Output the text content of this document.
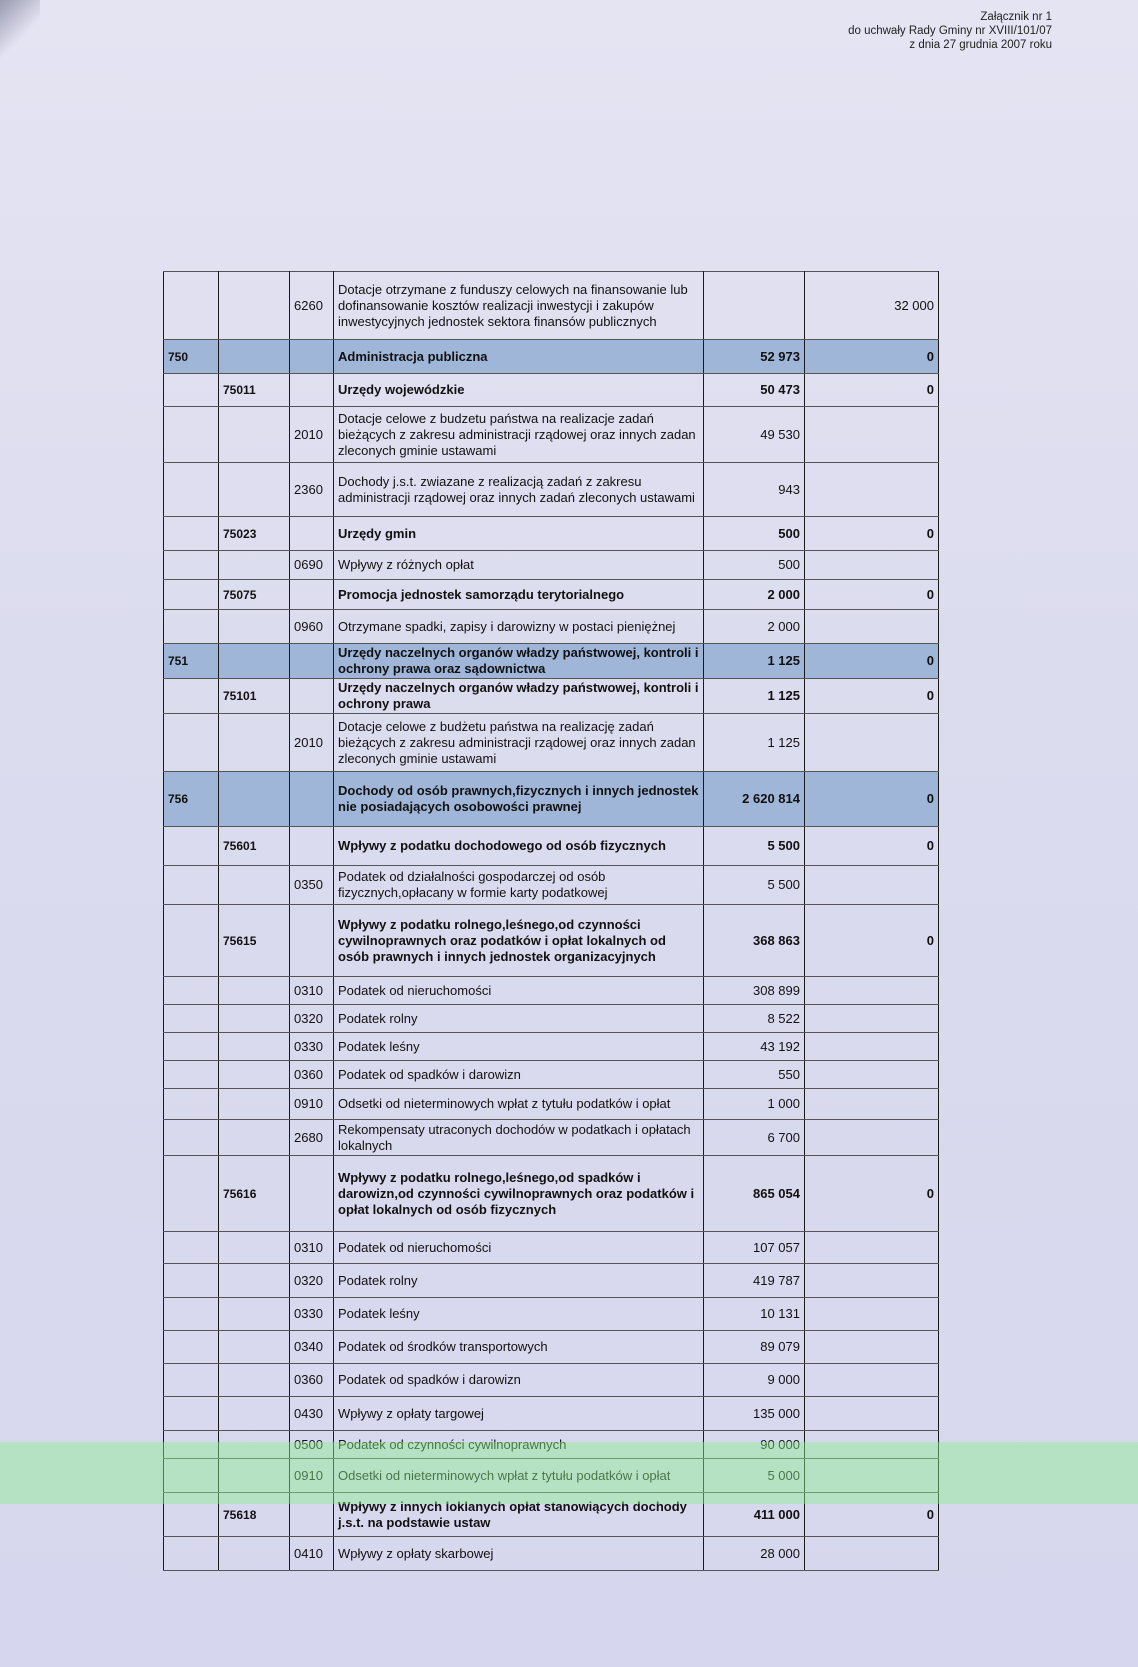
Załącznik nr 1
do uchwały Rady Gminy nr XVIII/101/07
z dnia 27 grudnia 2007 roku
		6260	Dotacje otrzymane z funduszy celowych na finansowanie lub dofinansowanie kosztów realizacji inwestycji i zakupów inwestycyjnych jednostek sektora finansów publicznych		32 000
750			Administracja publiczna	52 973	0
	75011		Urzędy wojewódzkie	50 473	0
		2010	Dotacje celowe z budzetu państwa na realizacje zadań bieżących z zakresu administracji rządowej oraz innych zadan zleconych gminie ustawami	49 530	
		2360	Dochody j.s.t. zwiazane z realizacją zadań z zakresu administracji rządowej oraz innych zadań zleconych ustawami	943	
	75023		Urzędy gmin	500	0
		0690	Wpływy z różnych opłat	500	
	75075		Promocja jednostek samorządu terytorialnego	2 000	0
		0960	Otrzymane spadki, zapisy i darowizny w postaci pieniężnej	2 000	
751			Urzędy naczelnych organów władzy państwowej, kontroli i ochrony prawa oraz sądownictwa	1 125	0
	75101		Urzędy naczelnych organów władzy państwowej, kontroli i ochrony prawa	1 125	0
		2010	Dotacje celowe z budżetu państwa na realizację zadań bieżących z zakresu administracji rządowej oraz innych zadan zleconych gminie ustawami	1 125	
756			Dochody od osób prawnych,fizycznych i innych jednostek nie posiadających osobowości prawnej	2 620 814	0
	75601		Wpływy z podatku dochodowego od osób fizycznych	5 500	0
		0350	Podatek od działalności gospodarczej od osób fizycznych,opłacany w formie karty podatkowej	5 500	
	75615		Wpływy z podatku rolnego,leśnego,od czynności cywilnoprawnych oraz podatków i opłat lokalnych od osób prawnych i innych jednostek organizacyjnych	368 863	0
		0310	Podatek od nieruchomości	308 899	
		0320	Podatek rolny	8 522	
		0330	Podatek leśny	43 192	
		0360	Podatek od spadków i darowizn	550	
		0910	Odsetki od nieterminowych wpłat z tytułu podatków i opłat	1 000	
		2680	Rekompensaty utraconych dochodów w podatkach i opłatach lokalnych	6 700	
	75616		Wpływy z podatku rolnego,leśnego,od spadków i darowizn,od czynności cywilnoprawnych oraz podatków i opłat lokalnych od osób fizycznych	865 054	0
		0310	Podatek od nieruchomości	107 057	
		0320	Podatek rolny	419 787	
		0330	Podatek leśny	10 131	
		0340	Podatek od środków transportowych	89 079	
		0360	Podatek od spadków i darowizn	9 000	
		0430	Wpływy z opłaty targowej	135 000	
		0500	Podatek od czynności cywilnoprawnych	90 000	
		0910	Odsetki od nieterminowych wpłat z tytułu podatków i opłat	5 000	
	75618		Wpływy z innych loklanych opłat stanowiących dochody j.s.t. na podstawie ustaw	411 000	0
		0410	Wpływy z opłaty skarbowej	28 000	
